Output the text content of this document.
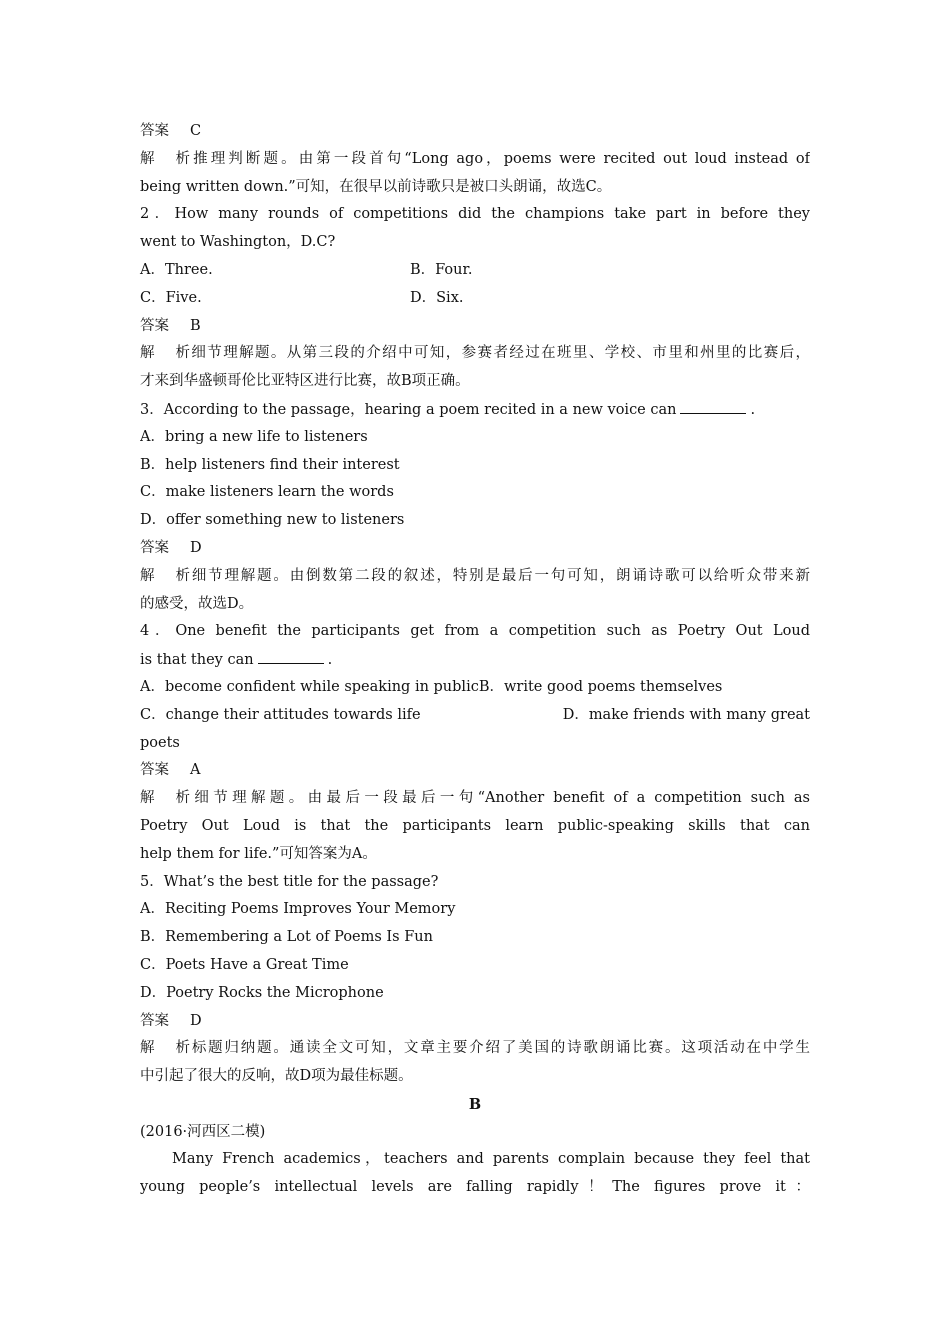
答案 C
解析推理判断题。由第一段首句“Long ago，poems were recited out loud instead of
being written down.”可知，在很早以前诗歌只是被口头朗诵，故选C。
2．How many rounds of competitions did the champions take part in before they
went to Washington，D.C?
A．Three.	B．Four.
C．Five.	D．Six.
答案 B
解析细节理解题。从第三段的介绍中可知，参赛者经过在班里、学校、市里和州里的比赛后，
才来到华盛顿哥伦比亚特区进行比赛，故B项正确。
3．According to the passage，hearing a poem recited in a new voice can	.
A．bring a new life to listeners
B．help listeners find their interest
C．make listeners learn the words
D．offer something new to listeners
答案 D
解析细节理解题。由倒数第二段的叙述，特别是最后一句可知，朗诵诗歌可以给听众带来新
的感受，故选D。
4．One benefit the participants get from a competition such as Poetry Out Loud
is that they can	.
A．become confident while speaking in publicB．write good poems themselves
C．change their attitudes towards life	D．make friends with many great
poets
答案 A
解析细节理解题。由最后一段最后一句“Another benefit of a competition such as
Poetry Out Loud is that the participants learn public-speaking skills that can
help them for life.”可知答案为A。
5．What’s the best title for the passage?
A．Reciting Poems Improves Your Memory
B．Remembering a Lot of Poems Is Fun
C．Poets Have a Great Time
D．Poetry Rocks the Microphone
答案 D
解析标题归纳题。通读全文可知，文章主要介绍了美国的诗歌朗诵比赛。这项活动在中学生
中引起了很大的反响，故D项为最佳标题。
B
(2016·河西区二模)
Many French academics，teachers and parents complain because they feel that
young people’s intellectual levels are falling rapidly！The figures prove it：
